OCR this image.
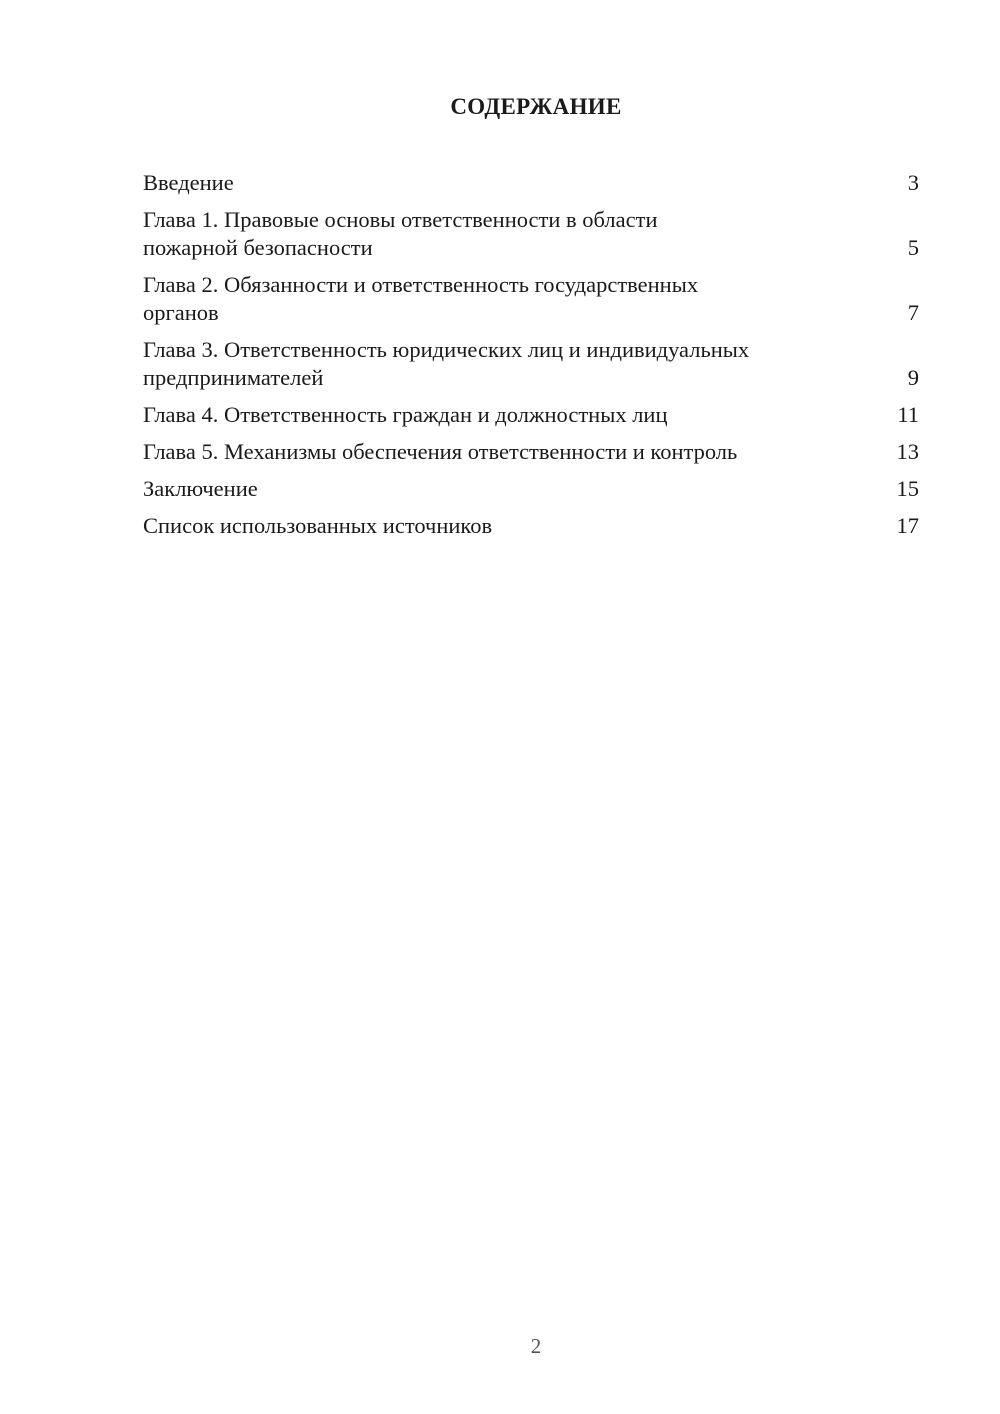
СОДЕРЖАНИЕ
Введение	3
Глава 1. Правовые основы ответственности в области
пожарной безопасности	5
Глава 2. Обязанности и ответственность государственных
органов	7
Глава 3. Ответственность юридических лиц и индивидуальных
предпринимателей	9
Глава 4. Ответственность граждан и должностных лиц	11
Глава 5. Механизмы обеспечения ответственности и контроль	13
Заключение	15
Список использованных источников	17
2
